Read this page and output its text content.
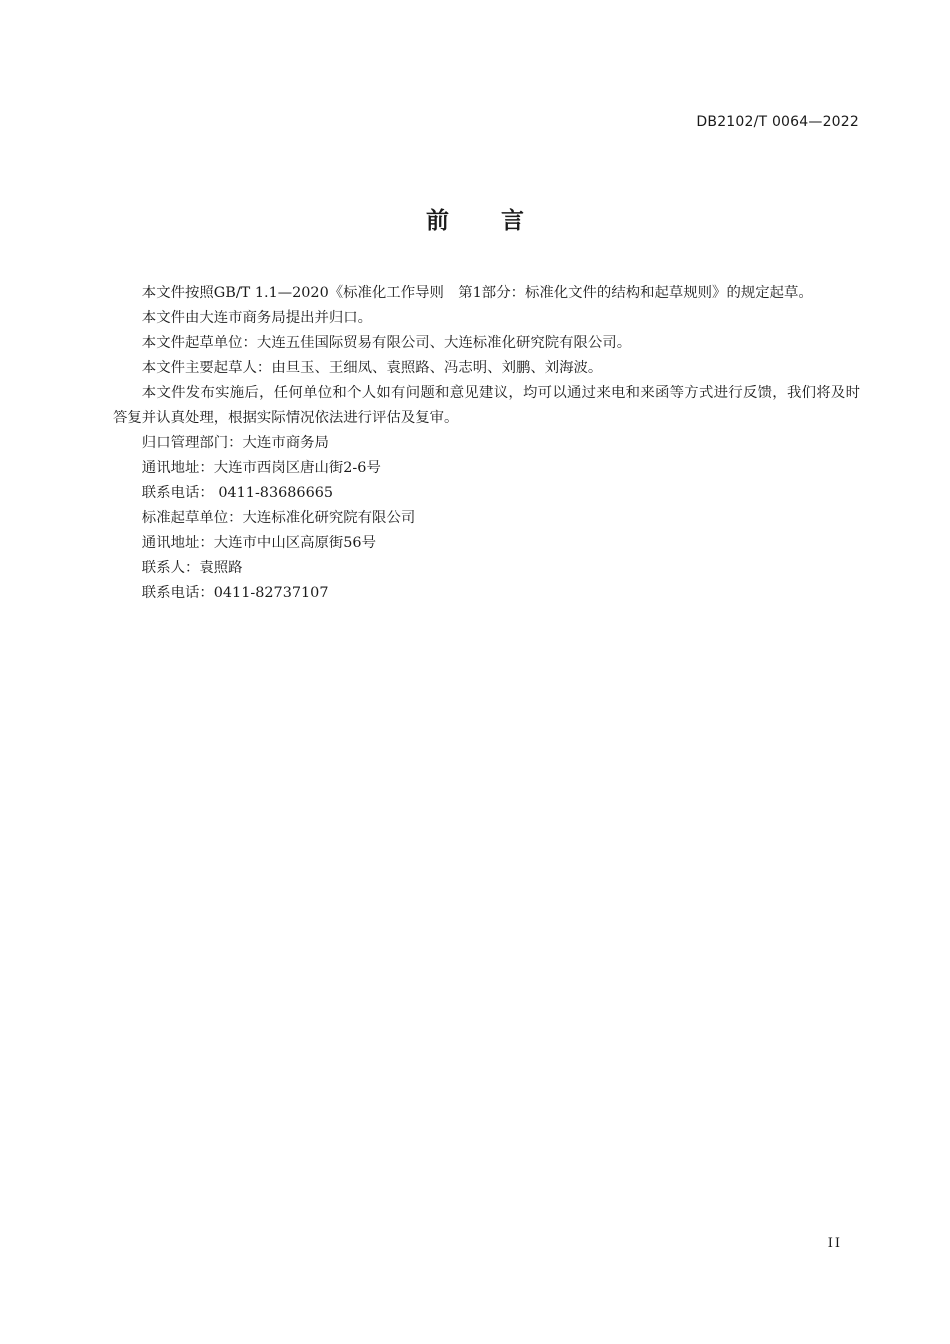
DB2102/T 0064—2022
前言

本文件按照GB/T 1.1—2020《标准化工作导则　第1部分：标准化文件的结构和起草规则》的规定起草。

本文件由大连市商务局提出并归口。

本文件起草单位：大连五佳国际贸易有限公司、大连标准化研究院有限公司。

本文件主要起草人：由旦玉、王细凤、袁照路、冯志明、刘鹏、刘海波。

本文件发布实施后，任何单位和个人如有问题和意见建议，均可以通过来电和来函等方式进行反馈，我们将及时答复并认真处理，根据实际情况依法进行评估及复审。

归口管理部门：大连市商务局

通讯地址：大连市西岗区唐山街2-6号

联系电话： 0411-83686665

标准起草单位：大连标准化研究院有限公司

通讯地址：大连市中山区高原街56号

联系人：袁照路

联系电话：0411-82737107

II
